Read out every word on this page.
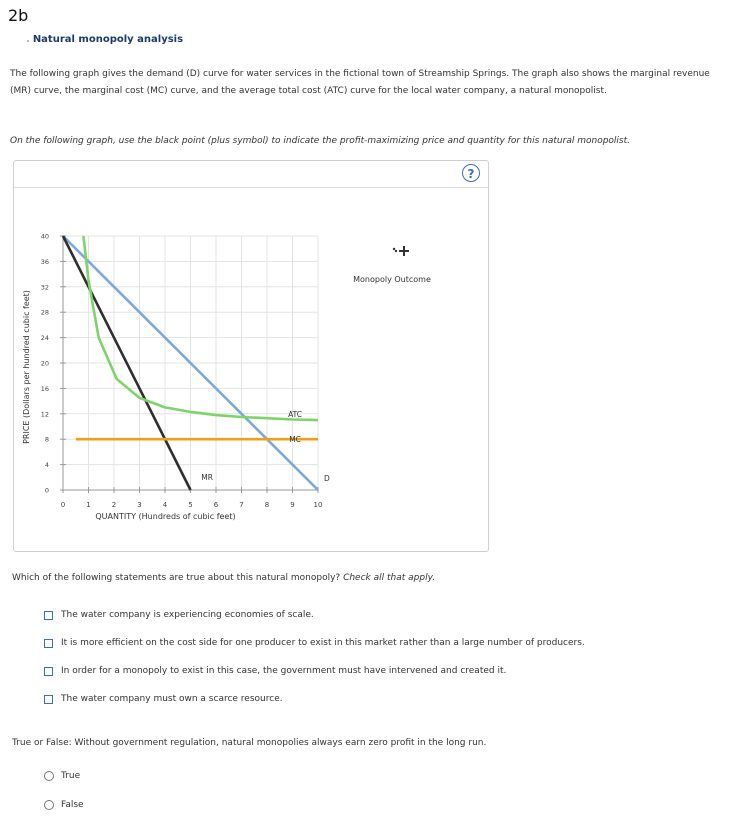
2b
. Natural monopoly analysis
The following graph gives the demand (D) curve for water services in the fictional town of Streamship Springs. The graph also shows the marginal revenue (MR) curve, the marginal cost (MC) curve, and the average total cost (ATC) curve for the local water company, a natural monopolist.
On the following graph, use the black point (plus symbol) to indicate the profit-maximizing price and quantity for this natural monopolist.
?
0	1	2	3	4	5	6	7	8	9	10
0
4
8
12
16
20
24
28
32
36
40
QUANTITY (Hundreds of cubic feet)
PRICE (Dollars per hundred cubic feet)
D
MR
ATC
MC
Monopoly Outcome
Which of the following statements are true about this natural monopoly? Check all that apply.
The water company is experiencing economies of scale.
It is more efficient on the cost side for one producer to exist in this market rather than a large number of producers.
In order for a monopoly to exist in this case, the government must have intervened and created it.
The water company must own a scarce resource.
True or False: Without government regulation, natural monopolies always earn zero profit in the long run.
True
False
